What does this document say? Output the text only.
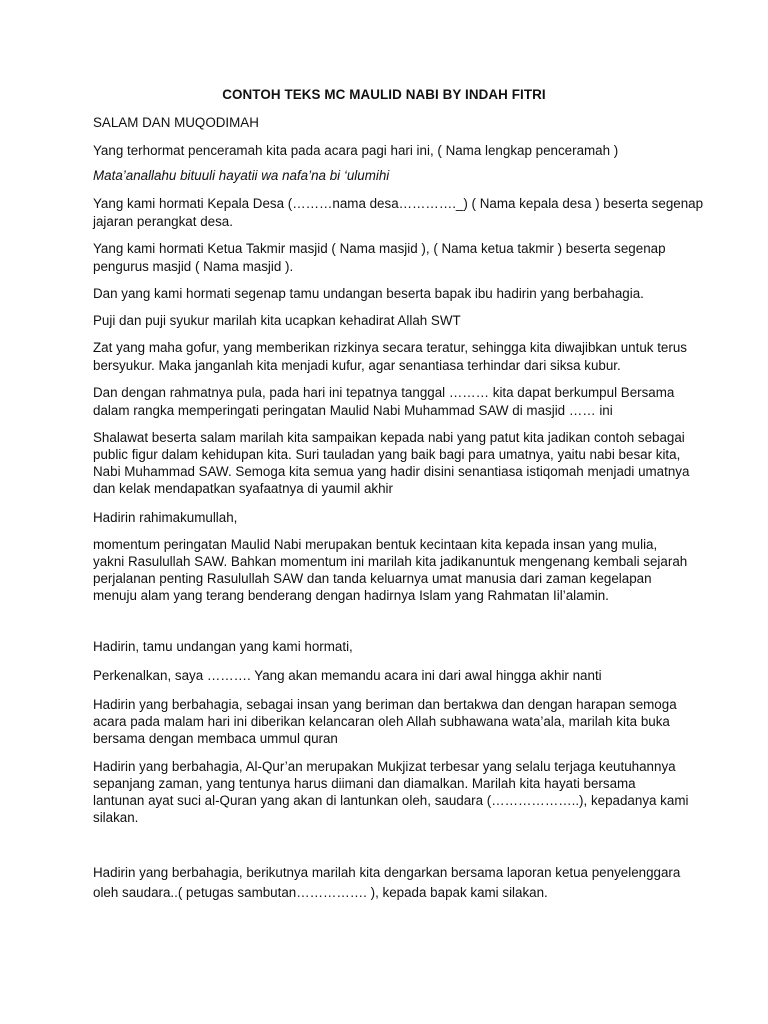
CONTOH TEKS MC MAULID NABI BY INDAH FITRI
SALAM DAN MUQODIMAH
Yang terhormat penceramah kita pada acara pagi hari ini, ( Nama lengkap penceramah )
Mata’anallahu bituuli hayatii wa nafa’na bi ‘ulumihi
Yang kami hormati Kepala Desa (………nama desa…………._) ( Nama kepala desa ) beserta segenap
jajaran perangkat desa.
Yang kami hormati Ketua Takmir masjid ( Nama masjid ), ( Nama ketua takmir ) beserta segenap
pengurus masjid ( Nama masjid ).
Dan yang kami hormati segenap tamu undangan beserta bapak ibu hadirin yang berbahagia.
Puji dan puji syukur marilah kita ucapkan kehadirat Allah SWT
Zat yang maha gofur, yang memberikan rizkinya secara teratur, sehingga kita diwajibkan untuk terus
bersyukur. Maka janganlah kita menjadi kufur, agar senantiasa terhindar dari siksa kubur.
Dan dengan rahmatnya pula, pada hari ini tepatnya tanggal ……… kita dapat berkumpul Bersama
dalam rangka memperingati peringatan Maulid Nabi Muhammad SAW di masjid …… ini
Shalawat beserta salam marilah kita sampaikan kepada nabi yang patut kita jadikan contoh sebagai
public figur dalam kehidupan kita. Suri tauladan yang baik bagi para umatnya, yaitu nabi besar kita,
Nabi Muhammad SAW. Semoga kita semua yang hadir disini senantiasa istiqomah menjadi umatnya
dan kelak mendapatkan syafaatnya di yaumil akhir
Hadirin rahimakumullah,
momentum peringatan Maulid Nabi merupakan bentuk kecintaan kita kepada insan yang mulia,
yakni Rasulullah SAW. Bahkan momentum ini marilah kita jadikanuntuk mengenang kembali sejarah
perjalanan penting Rasulullah SAW dan tanda keluarnya umat manusia dari zaman kegelapan
menuju alam yang terang benderang dengan hadirnya Islam yang Rahmatan Iil’alamin.
Hadirin, tamu undangan yang kami hormati,
Perkenalkan, saya ………. Yang akan memandu acara ini dari awal hingga akhir nanti
Hadirin yang berbahagia, sebagai insan yang beriman dan bertakwa dan dengan harapan semoga
acara pada malam hari ini diberikan kelancaran oleh Allah subhawana wata’ala, marilah kita buka
bersama dengan membaca ummul quran
Hadirin yang berbahagia, Al-Qur’an merupakan Mukjizat terbesar yang selalu terjaga keutuhannya
sepanjang zaman, yang tentunya harus diimani dan diamalkan. Marilah kita hayati bersama
lantunan ayat suci al-Quran yang akan di lantunkan oleh, saudara (………………..), kepadanya kami
silakan.
Hadirin yang berbahagia, berikutnya marilah kita dengarkan bersama laporan ketua penyelenggara
oleh saudara..( petugas sambutan……………. ), kepada bapak kami silakan.
